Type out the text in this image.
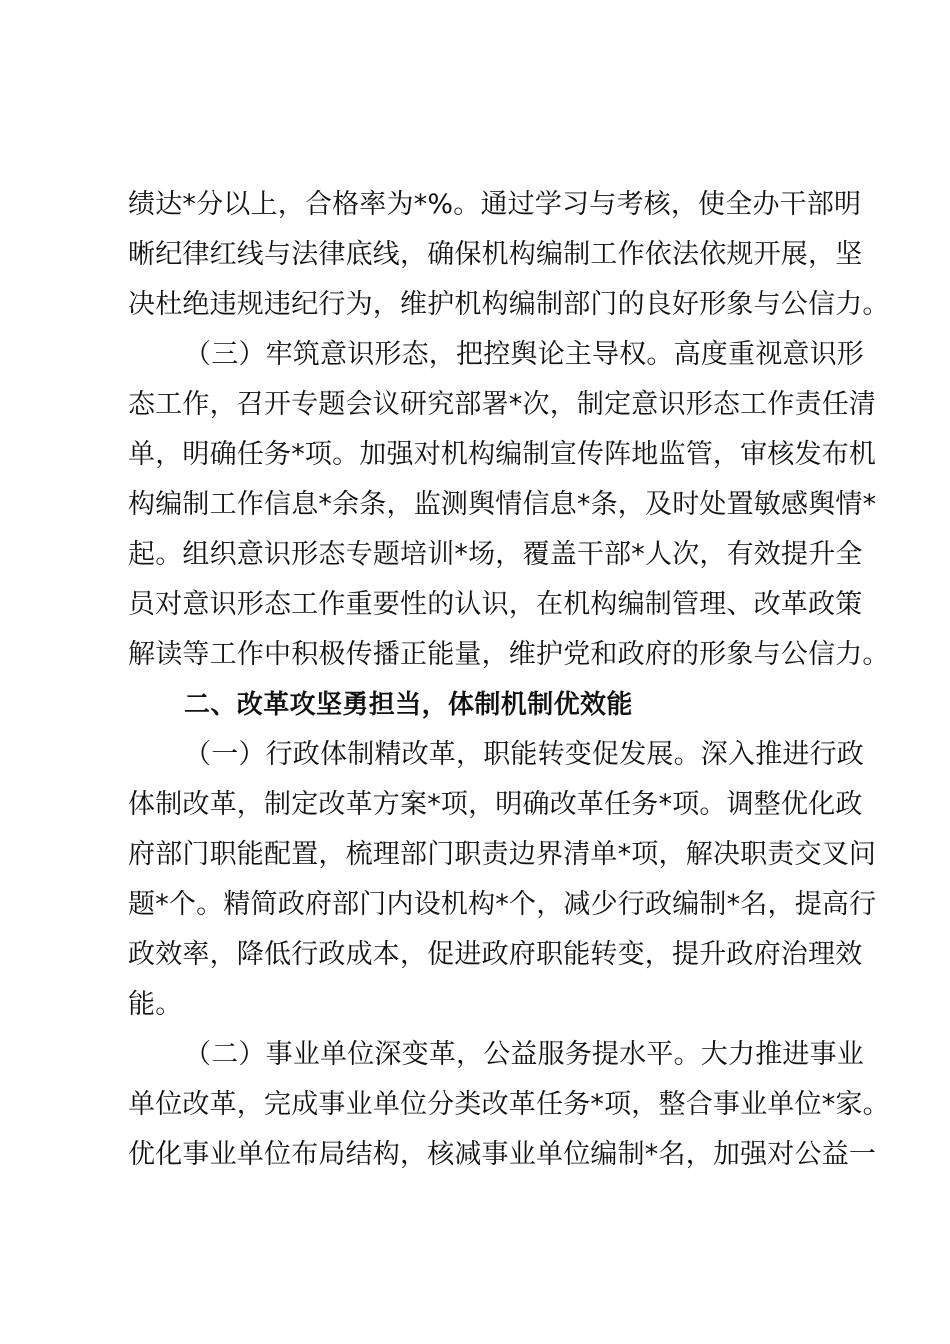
绩达*分以上，合格率为*%。通过学习与考核，使全办干部明
晰纪律红线与法律底线，确保机构编制工作依法依规开展，坚
决杜绝违规违纪行为，维护机构编制部门的良好形象与公信力。
（三）牢筑意识形态，把控舆论主导权。高度重视意识形
态工作，召开专题会议研究部署*次，制定意识形态工作责任清
单，明确任务*项。加强对机构编制宣传阵地监管，审核发布机
构编制工作信息*余条，监测舆情信息*条，及时处置敏感舆情*
起。组织意识形态专题培训*场，覆盖干部*人次，有效提升全
员对意识形态工作重要性的认识，在机构编制管理、改革政策
解读等工作中积极传播正能量，维护党和政府的形象与公信力。
二、改革攻坚勇担当，体制机制优效能
（一）行政体制精改革，职能转变促发展。深入推进行政
体制改革，制定改革方案*项，明确改革任务*项。调整优化政
府部门职能配置，梳理部门职责边界清单*项，解决职责交叉问
题*个。精简政府部门内设机构*个，减少行政编制*名，提高行
政效率，降低行政成本，促进政府职能转变，提升政府治理效
能。
（二）事业单位深变革，公益服务提水平。大力推进事业
单位改革，完成事业单位分类改革任务*项，整合事业单位*家。
优化事业单位布局结构，核减事业单位编制*名，加强对公益一
